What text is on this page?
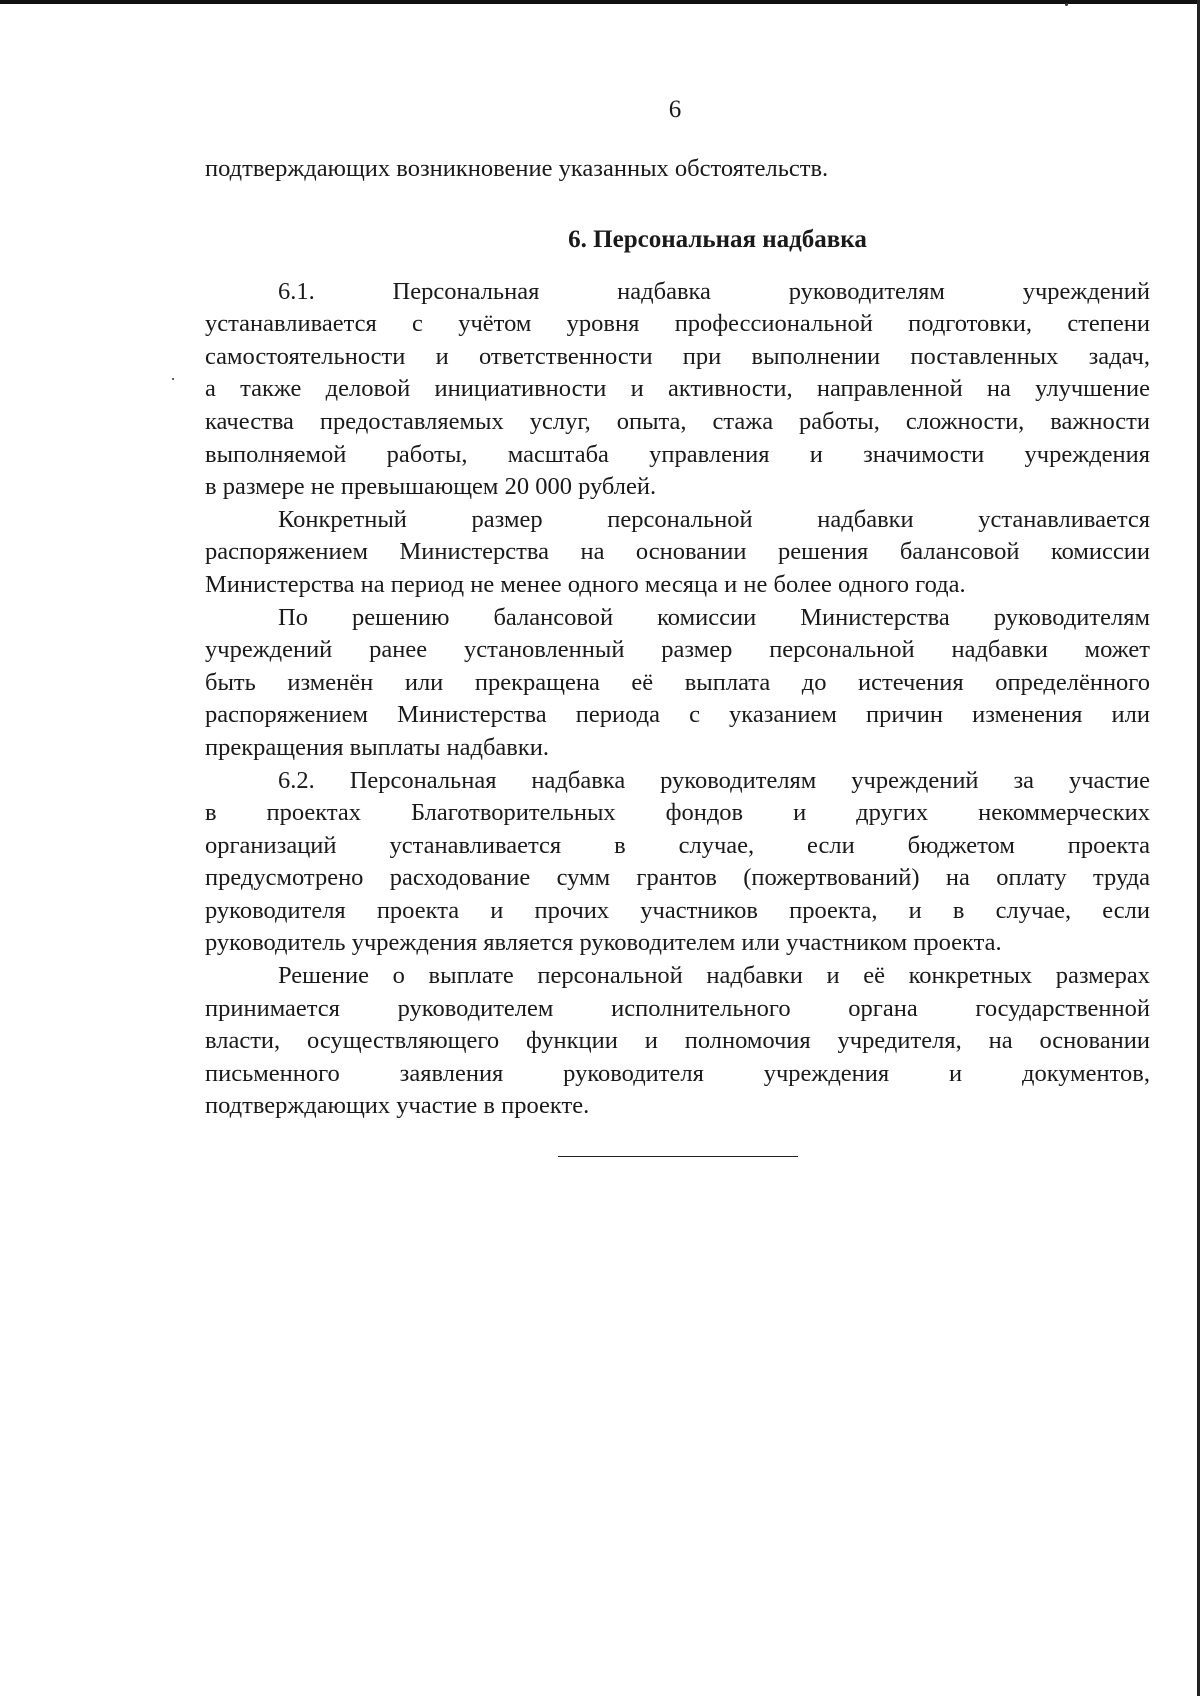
6

подтверждающих возникновение указанных обстоятельств.

6. Персональная надбавка

6.1. Персональная надбавка руководителям учреждений

устанавливается с учётом уровня профессиональной подготовки, степени

самостоятельности и ответственности при выполнении поставленных задач,

а также деловой инициативности и активности, направленной на улучшение

качества предоставляемых услуг, опыта, стажа работы, сложности, важности

выполняемой работы, масштаба управления и значимости учреждения

в размере не превышающем 20 000 рублей.

Конкретный размер персональной надбавки устанавливается

распоряжением Министерства на основании решения балансовой комиссии

Министерства на период не менее одного месяца и не более одного года.

По решению балансовой комиссии Министерства руководителям

учреждений ранее установленный размер персональной надбавки может

быть изменён или прекращена её выплата до истечения определённого

распоряжением Министерства периода с указанием причин изменения или

прекращения выплаты надбавки.

6.2. Персональная надбавка руководителям учреждений за участие

в проектах Благотворительных фондов и других некоммерческих

организаций устанавливается в случае, если бюджетом проекта

предусмотрено расходование сумм грантов (пожертвований) на оплату труда

руководителя проекта и прочих участников проекта, и в случае, если

руководитель учреждения является руководителем или участником проекта.

Решение о выплате персональной надбавки и её конкретных размерах

принимается руководителем исполнительного органа государственной

власти, осуществляющего функции и полномочия учредителя, на основании

письменного заявления руководителя учреждения и документов,

подтверждающих участие в проекте.
